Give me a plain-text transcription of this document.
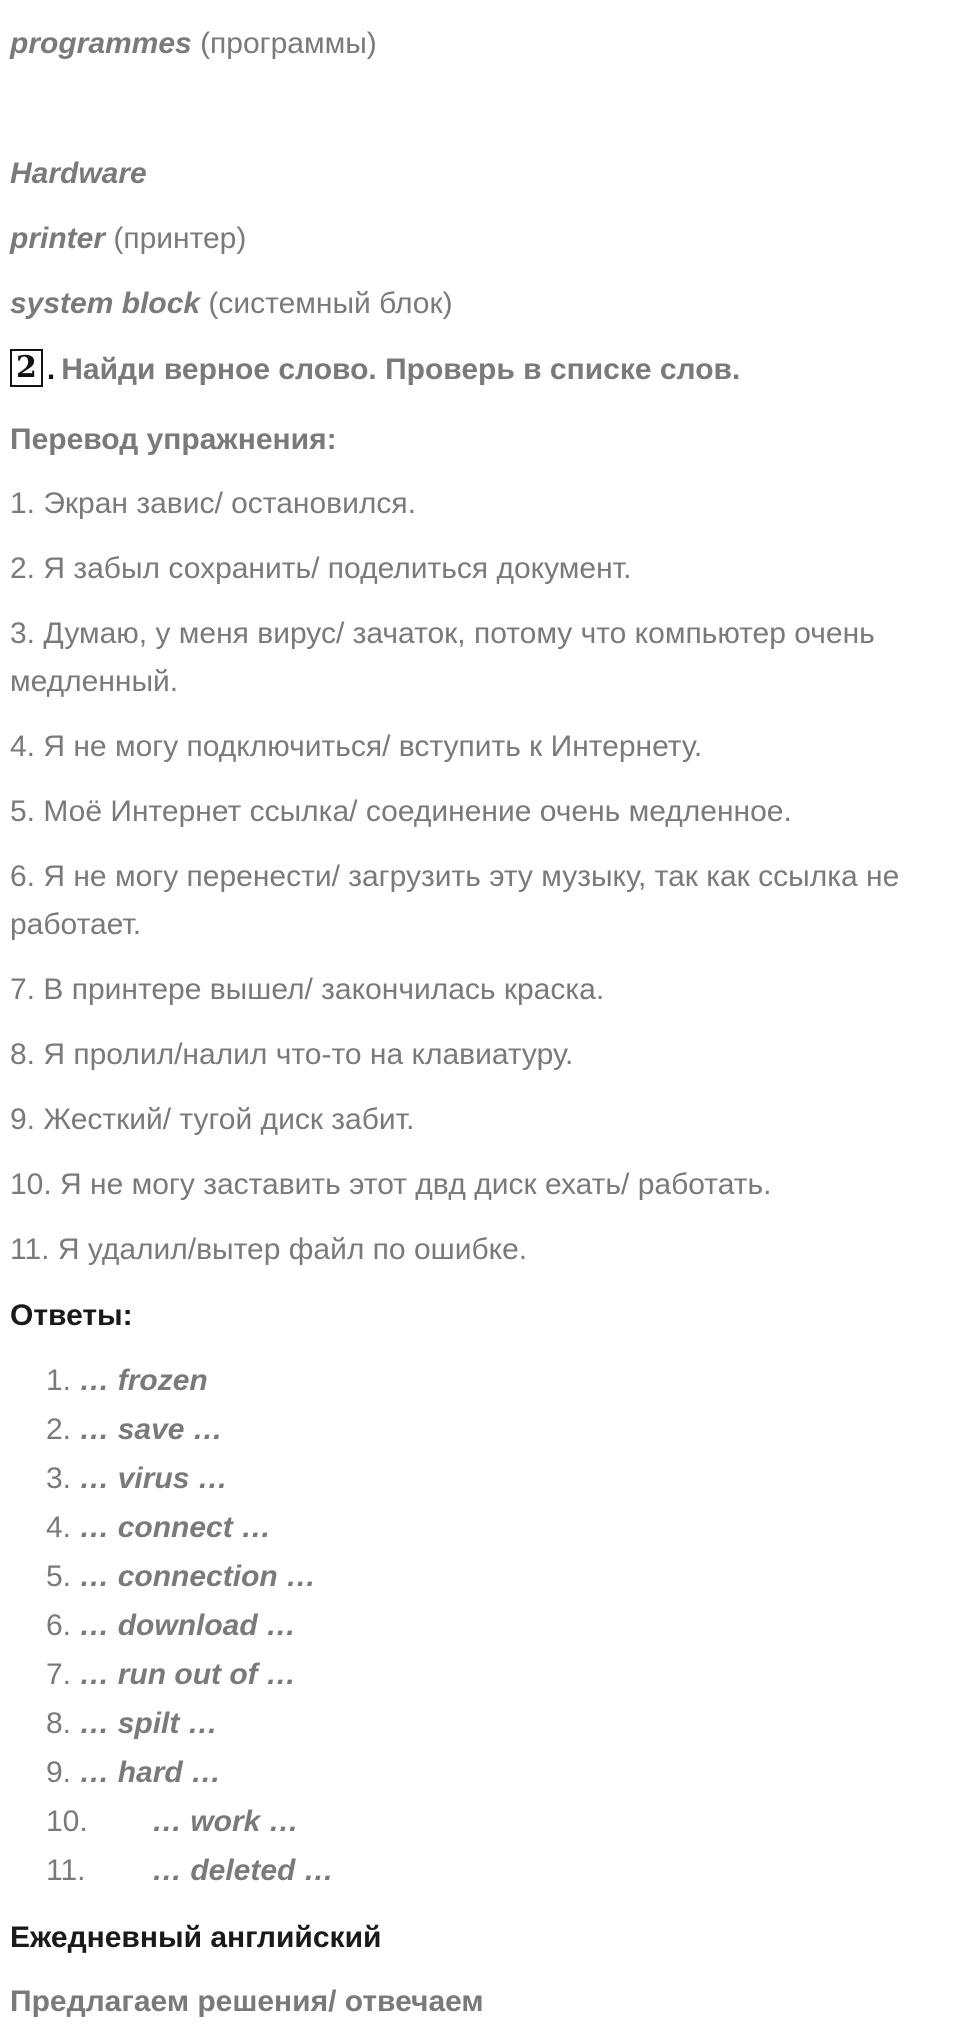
programmes (программы)
Hardware
printer (принтер)
system block (системный блок)
2 . Найди верное слово. Проверь в списке слов.
Перевод упражнения:
1. Экран завис/ остановился.
2. Я забыл сохранить/ поделиться документ.
3. Думаю, у меня вирус/ зачаток, потому что компьютер очень медленный.
4. Я не могу подключиться/ вступить к Интернету.
5. Моё Интернет ссылка/ соединение очень медленное.
6. Я не могу перенести/ загрузить эту музыку, так как ссылка не работает.
7. В принтере вышел/ закончилась краска.
8. Я пролил/налил что-то на клавиатуру.
9. Жесткий/ тугой диск забит.
10. Я не могу заставить этот двд диск ехать/ работать.
11. Я удалил/вытер файл по ошибке.
Ответы:
1. … frozen
2. … save …
3. … virus …
4. … connect …
5. … connection …
6. … download …
7. … run out of …
8. … spilt …
9. … hard …
10. … work …
11. … deleted …
Ежедневный английский
Предлагаем решения/ отвечаем
